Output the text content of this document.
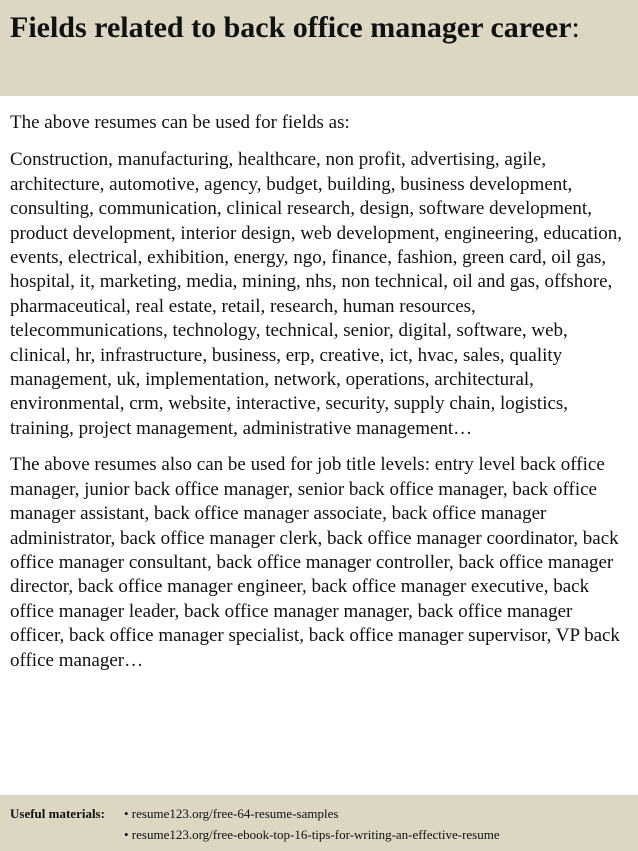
Fields related to back office manager career:

The above resumes can be used for fields as:

Construction, manufacturing, healthcare, non profit, advertising, agile, architecture, automotive, agency, budget, building, business development, consulting, communication, clinical research, design, software development, product development, interior design, web development, engineering, education, events, electrical, exhibition, energy, ngo, finance, fashion, green card, oil gas, hospital, it, marketing, media, mining, nhs, non technical, oil and gas, offshore, pharmaceutical, real estate, retail, research, human resources, telecommunications, technology, technical, senior, digital, software, web, clinical, hr, infrastructure, business, erp, creative, ict, hvac, sales, quality management, uk, implementation, network, operations, architectural, environmental, crm, website, interactive, security, supply chain, logistics, training, project management, administrative management…

The above resumes also can be used for job title levels: entry level back office manager, junior back office manager, senior back office manager, back office manager assistant, back office manager associate, back office manager administrator, back office manager clerk, back office manager coordinator, back office manager consultant, back office manager controller, back office manager director, back office manager engineer, back office manager executive, back office manager leader, back office manager manager, back office manager officer, back office manager specialist, back office manager supervisor, VP back office manager…

Useful materials:	• resume123.org/free-64-resume-samples
• resume123.org/free-ebook-top-16-tips-for-writing-an-effective-resume
